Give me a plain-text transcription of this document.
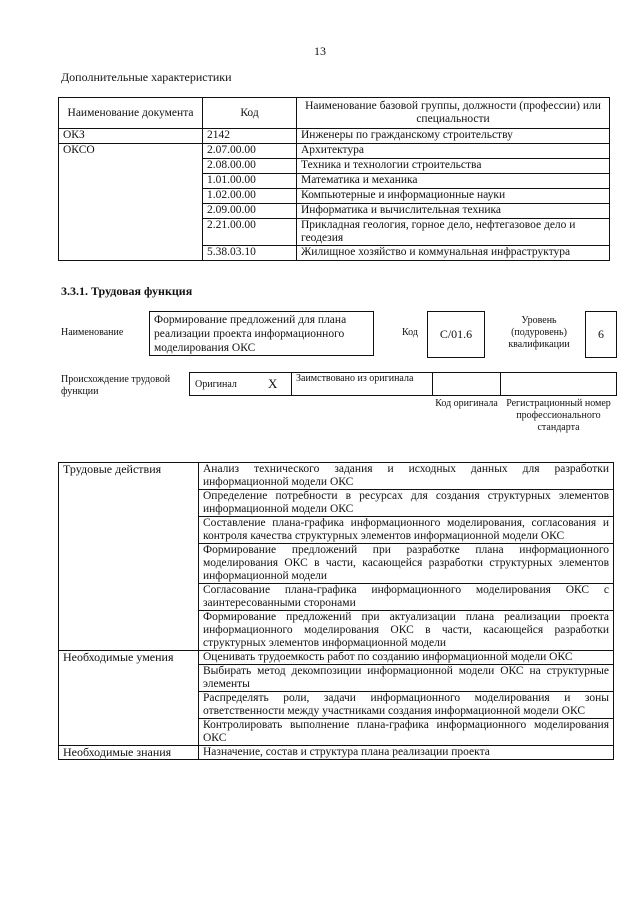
13
Дополнительные характеристики
Наименование документа	Код	Наименование базовой группы, должности (профессии) или специальности
ОКЗ	2142	Инженеры по гражданскому строительству
ОКСО	2.07.00.00	Архитектура
	2.08.00.00	Техника и технологии строительства
	1.01.00.00	Математика и механика
	1.02.00.00	Компьютерные и информационные науки
	2.09.00.00	Информатика и вычислительная техника
	2.21.00.00	Прикладная геология, горное дело, нефтегазовое дело и геодезия
	5.38.03.10	Жилищное хозяйство и коммунальная инфраструктура
3.3.1. Трудовая функция
Наименование
Формирование предложений для плана реализации проекта информационного моделирования ОКС
Код	C/01.6
Уровень (подуровень) квалификации
6
Происхождение трудовой функции
Оригинал X Заимствовано из оригинала
Код оригинала Регистрационный номер профессионального стандарта
Трудовые действия	Анализ технического задания и исходных данных для разработки информационной модели ОКС
	Определение потребности в ресурсах для создания структурных элементов информационной модели ОКС
	Составление плана-графика информационного моделирования, согласования и контроля качества структурных элементов информационной модели ОКС
	Формирование предложений при разработке плана информационного моделирования ОКС в части, касающейся разработки структурных элементов информационной модели
	Согласование плана-графика информационного моделирования ОКС с заинтересованными сторонами
	Формирование предложений при актуализации плана реализации проекта информационного моделирования ОКС в части, касающейся разработки структурных элементов информационной модели
Необходимые умения	Оценивать трудоемкость работ по созданию информационной модели ОКС
	Выбирать метод декомпозиции информационной модели ОКС на структурные элементы
	Распределять роли, задачи информационного моделирования и зоны ответственности между участниками создания информационной модели ОКС
	Контролировать выполнение плана-графика информационного моделирования ОКС
Необходимые знания	Назначение, состав и структура плана реализации проекта
